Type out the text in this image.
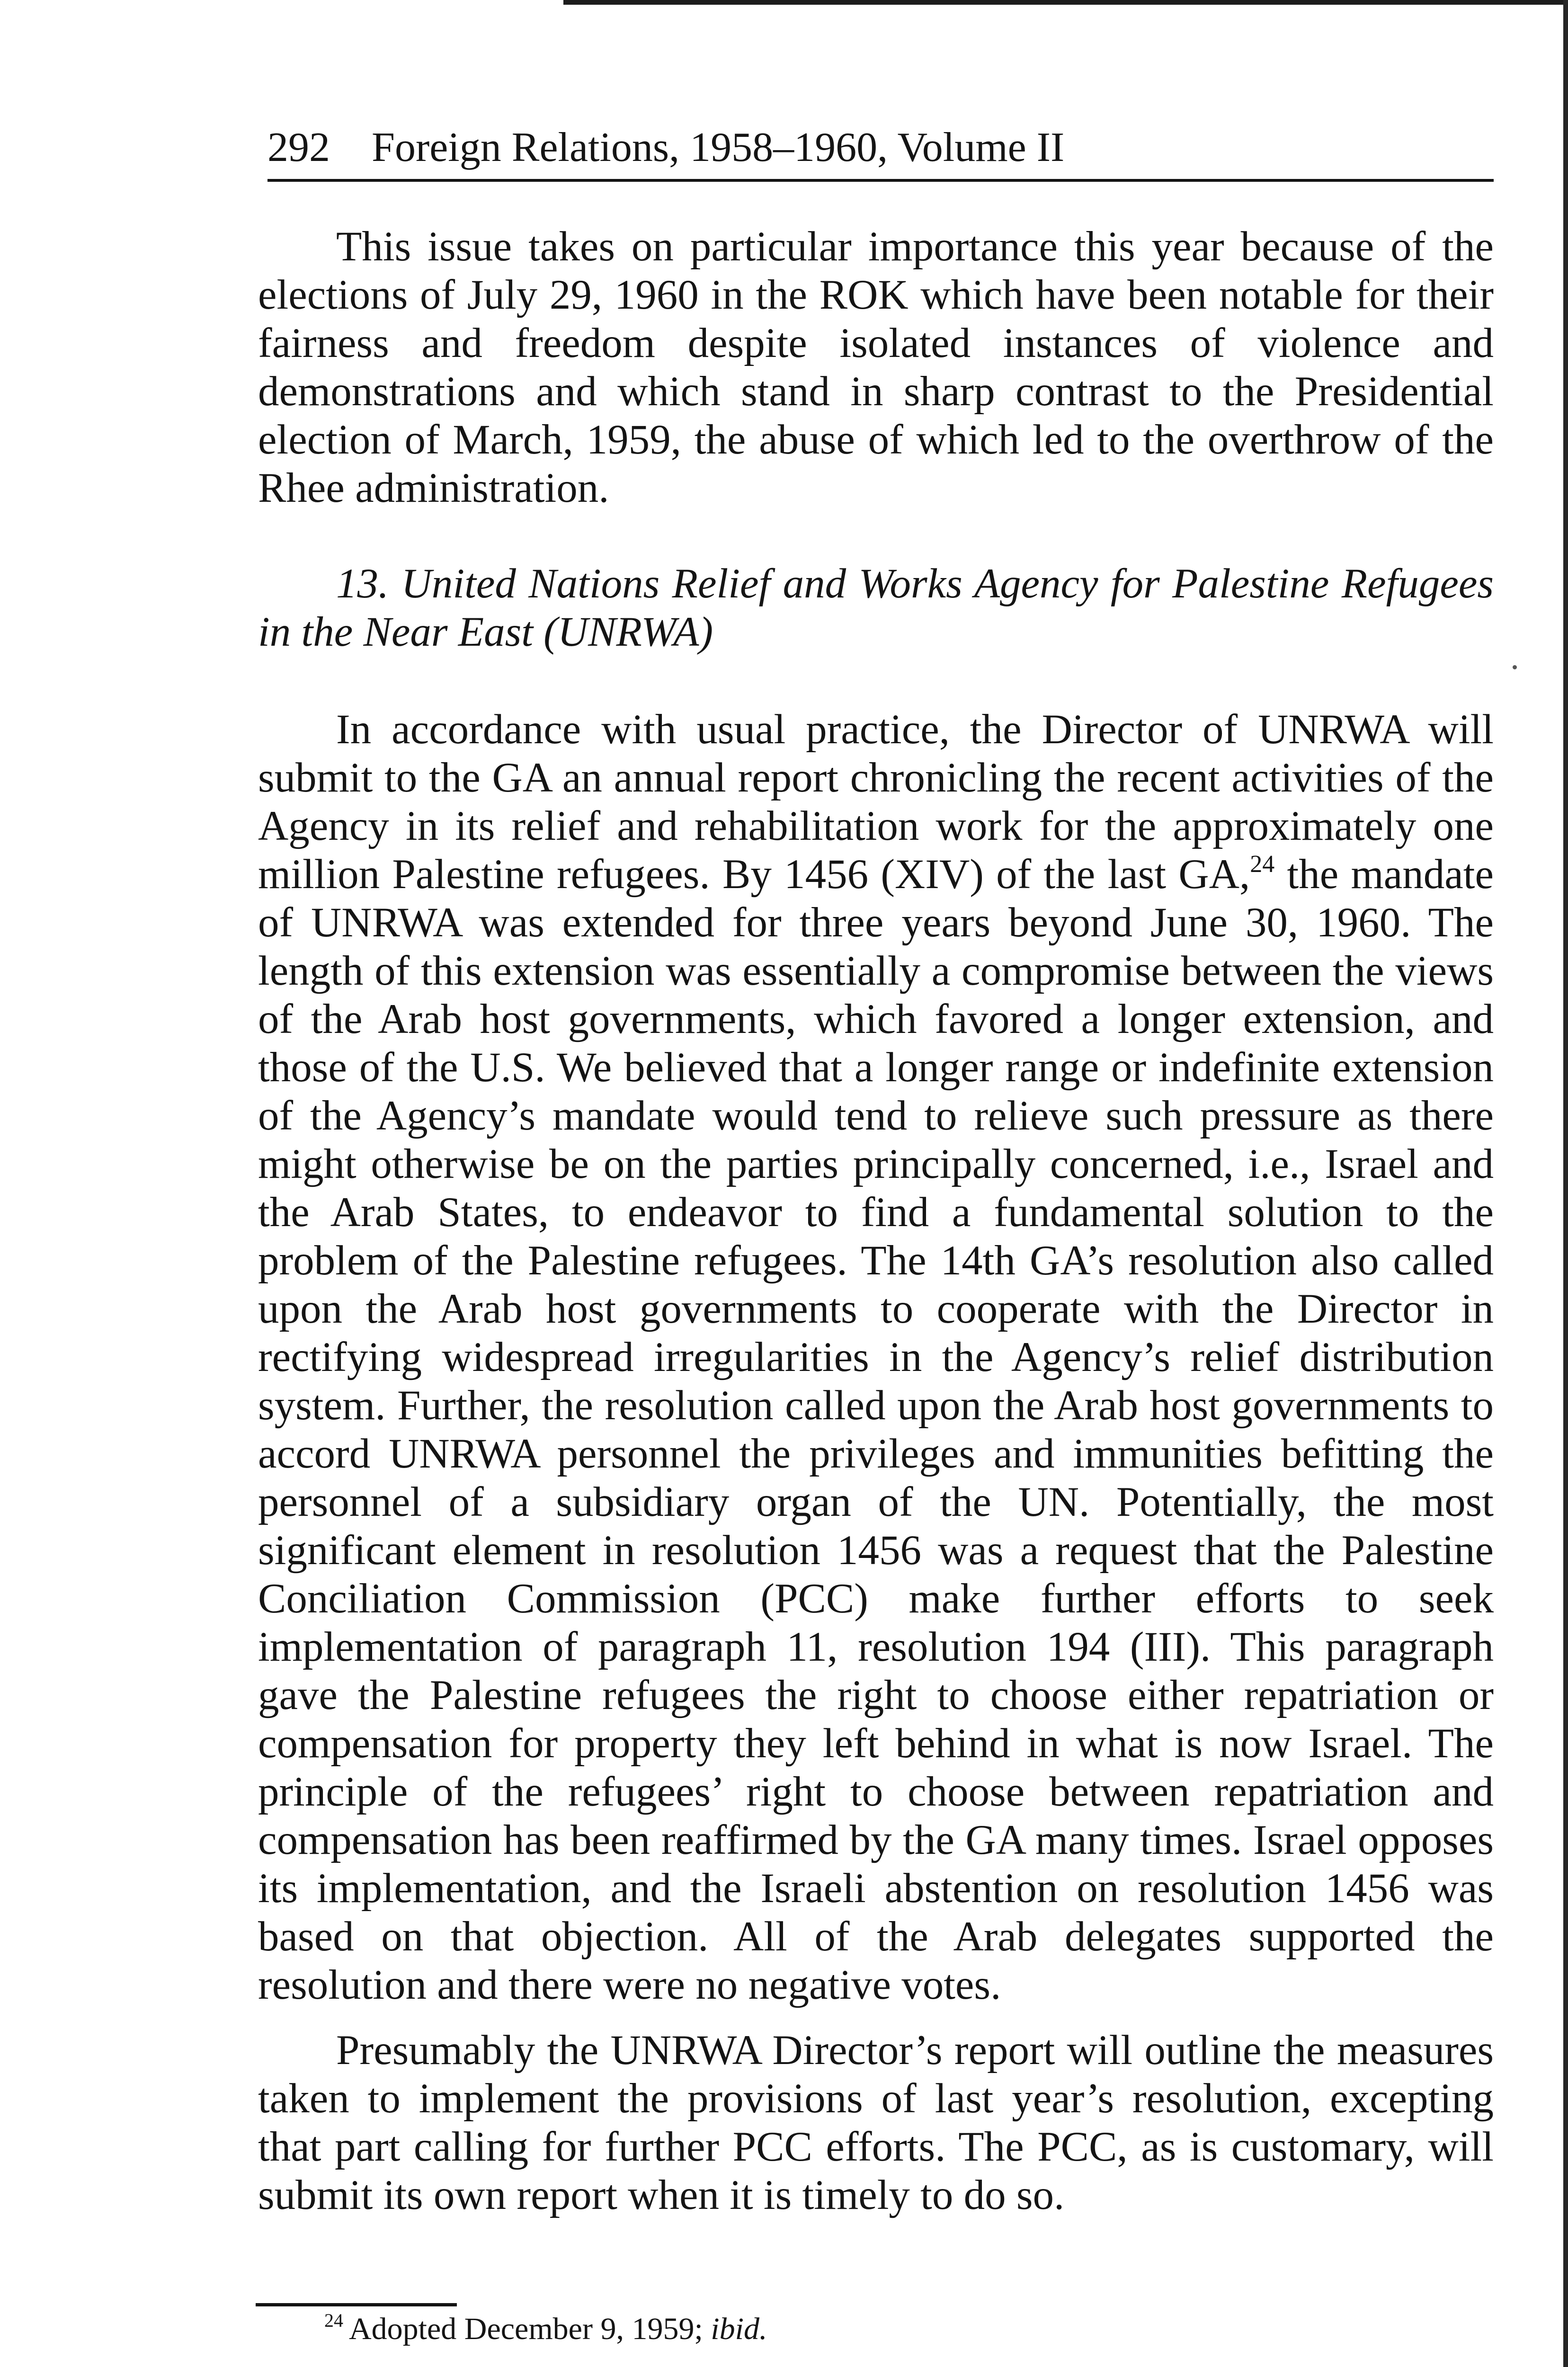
292 Foreign Relations, 1958–1960, Volume II

This issue takes on particular importance this year because of the elections of July 29, 1960 in the ROK which have been notable for their fairness and freedom despite isolated instances of violence and demonstrations and which stand in sharp contrast to the Presidential election of March, 1959, the abuse of which led to the overthrow of the Rhee administration.

13. United Nations Relief and Works Agency for Palestine Refugees in the Near East (UNRWA)

In accordance with usual practice, the Director of UNRWA will submit to the GA an annual report chronicling the recent activities of the Agency in its relief and rehabilitation work for the approximately one million Palestine refugees. By 1456 (XIV) of the last GA,$^{24}$ the mandate of UNRWA was extended for three years beyond June 30, 1960. The length of this extension was essentially a compromise between the views of the Arab host governments, which favored a longer extension, and those of the U.S. We believed that a longer range or indefinite extension of the Agency’s mandate would tend to relieve such pressure as there might otherwise be on the parties principally concerned, i.e., Israel and the Arab States, to endeavor to find a fundamental solution to the problem of the Palestine refugees. The 14th GA’s resolution also called upon the Arab host governments to cooperate with the Director in rectifying widespread irregularities in the Agency’s relief distribution system. Further, the resolution called upon the Arab host governments to accord UNRWA personnel the privileges and immunities befitting the personnel of a subsidiary organ of the UN. Potentially, the most significant element in resolution 1456 was a request that the Palestine Conciliation Commission (PCC) make further efforts to seek implementation of paragraph 11, resolution 194 (III). This paragraph gave the Palestine refugees the right to choose either repatriation or compensation for property they left behind in what is now Israel. The principle of the refugees’ right to choose between repatriation and compensation has been reaffirmed by the GA many times. Israel opposes its implementation, and the Israeli abstention on resolution 1456 was based on that objection. All of the Arab delegates supported the resolution and there were no negative votes.

Presumably the UNRWA Director’s report will outline the measures taken to implement the provisions of last year’s resolution, excepting that part calling for further PCC efforts. The PCC, as is customary, will submit its own report when it is timely to do so.

$^{24}$ Adopted December 9, 1959; ibid.
